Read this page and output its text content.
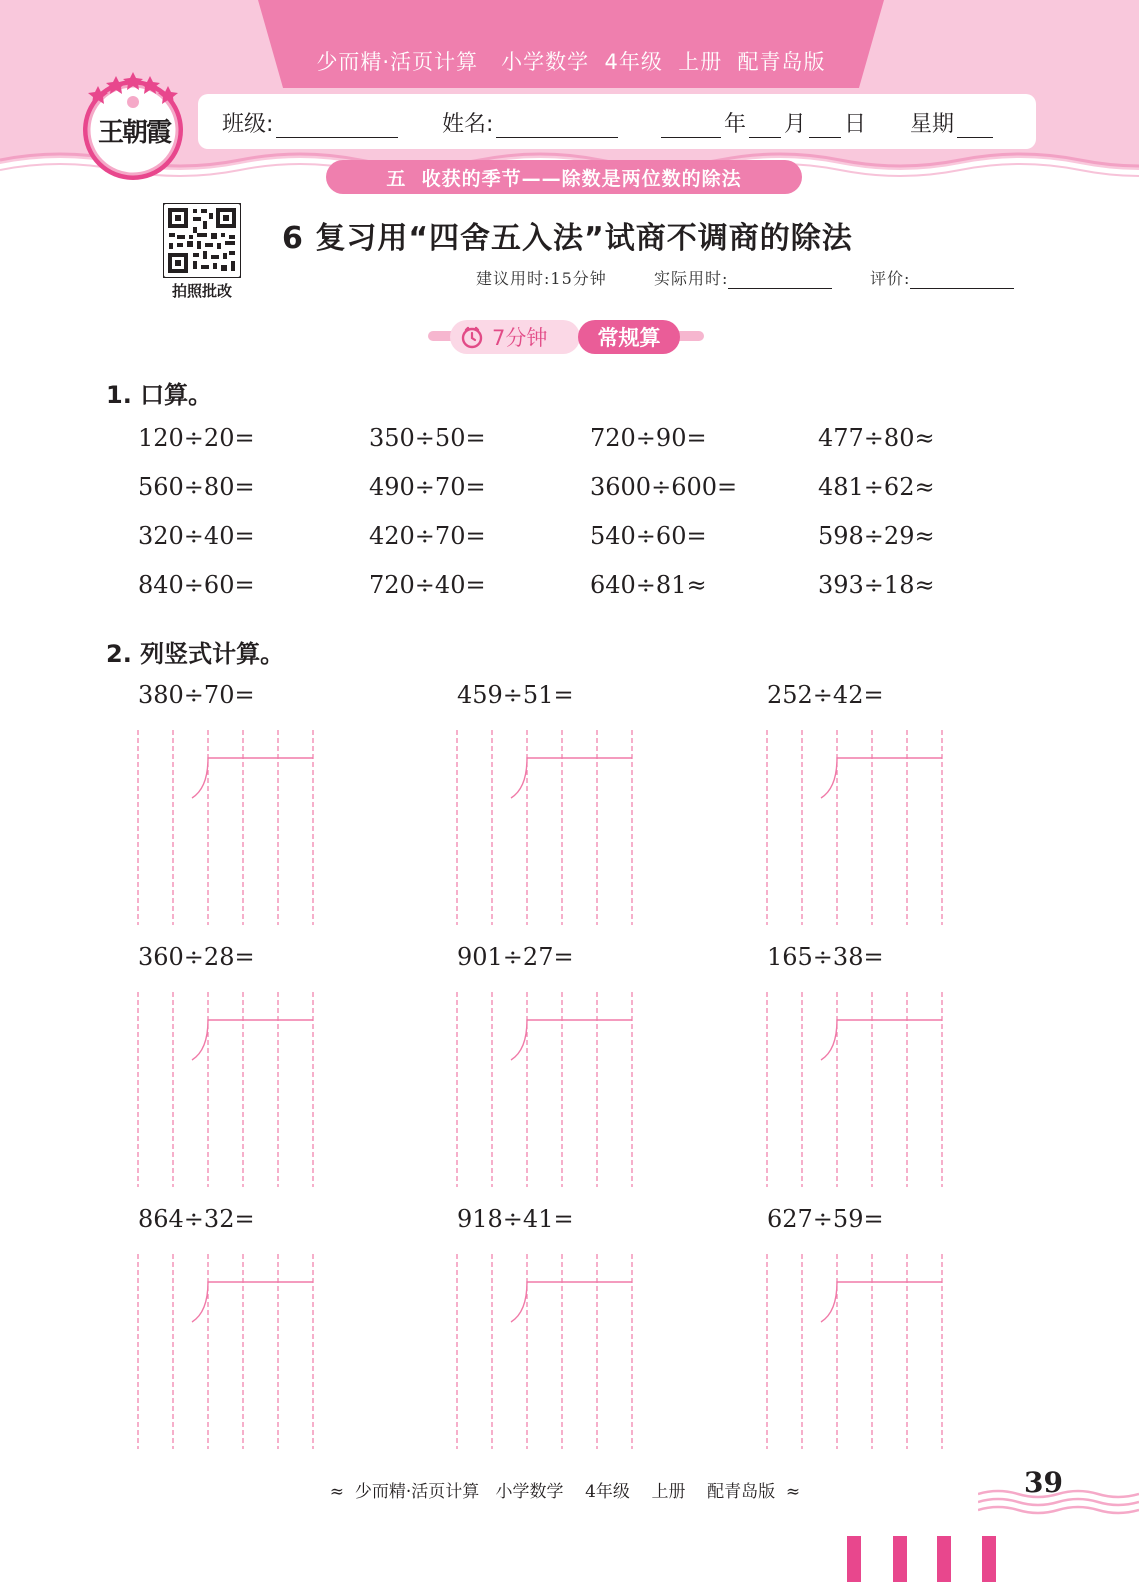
少而精·活页计算   小学数学  4年级  上册  配青岛版
班级:	姓名:	年 月 日 星期
王朝霞
五  收获的季节——除数是两位数的除法
拍照批改
6 复习用“四舍五入法”试商不调商的除法
建议用时:15分钟	实际用时:	评价:
7分钟	常规算
1. 口算。
120÷20=	350÷50=	720÷90=	477÷80≈
560÷80=	490÷70=	3600÷600=	481÷62≈
320÷40=	420÷70=	540÷60=	598÷29≈
840÷60=	720÷40=	640÷81≈	393÷18≈
2. 列竖式计算。
380÷70=	459÷51=	252÷42=
360÷28=	901÷27=	165÷38=
864÷32=	918÷41=	627÷59=
≈  少而精·活页计算   小学数学    4年级    上册    配青岛版  ≈	39
